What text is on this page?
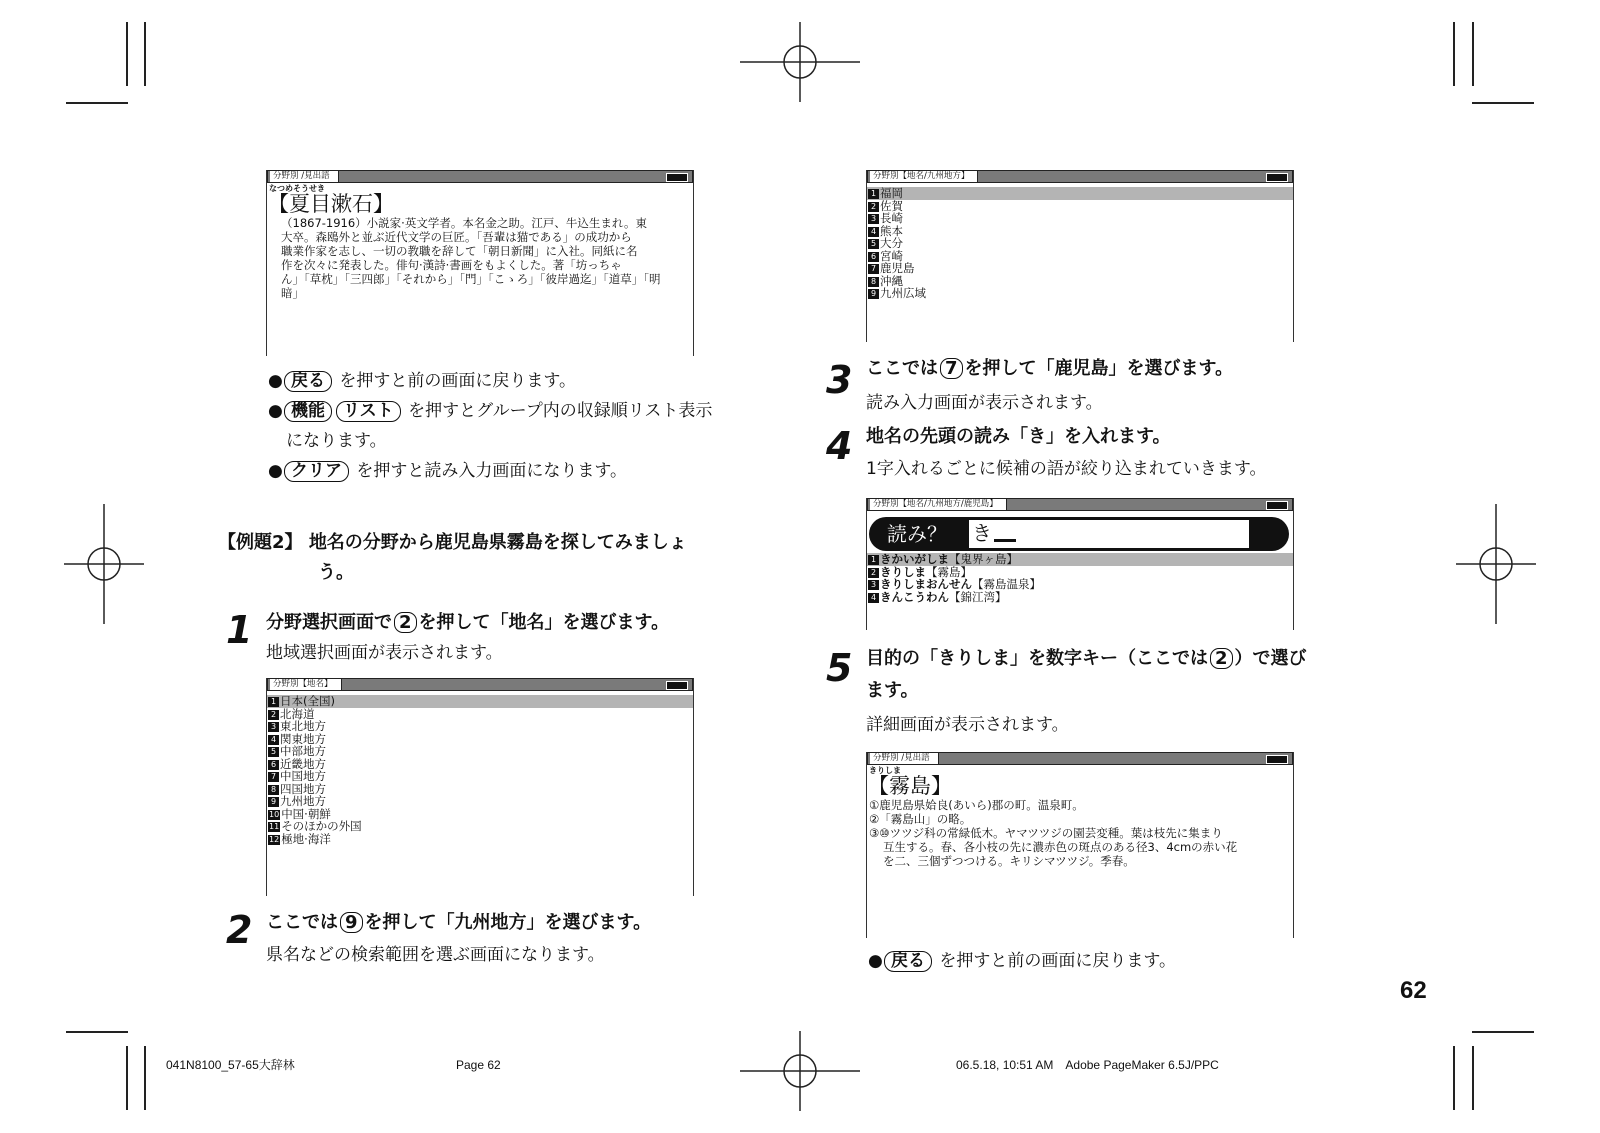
分野別 /見出語
なつめそうせき
【夏目漱石】
（1867-1916）小説家·英文学者。本名金之助。江戸、牛込生まれ。東
大卒。森鴎外と並ぶ近代文学の巨匠。「吾輩は猫である」の成功から
職業作家を志し、一切の教職を辞して「朝日新聞」に入社。同紙に名
作を次々に発表した。俳句·漢詩·書画をもよくした。著「坊っちゃ
ん」「草枕」「三四郎」「それから」「門」「こゝろ」「彼岸過迄」「道草」「明
暗」
● 戻る を押すと前の画面に戻ります。
● 機能 リスト を押すとグループ内の収録順リスト表示
になります。
● クリア を押すと読み入力画面になります。
【例題2】 地名の分野から鹿児島県霧島を探してみましょ
う。
1 分野選択画面で 2 を押して「地名」を選びます。
地域選択画面が表示されます。
分野別【地名】
1 日本(全国)
2 北海道
3 東北地方
4 関東地方
5 中部地方
6 近畿地方
7 中国地方
8 四国地方
9 九州地方
10 中国·朝鮮
11 そのほかの外国
12 極地·海洋
2 ここでは 9 を押して「九州地方」を選びます。
県名などの検索範囲を選ぶ画面になります。
分野別【地名/九州地方】
1 福岡
2 佐賀
3 長崎
4 熊本
5 大分
6 宮崎
7 鹿児島
8 沖縄
9 九州広域
3 ここでは 7 を押して「鹿児島」を選びます。
読み入力画面が表示されます。
4 地名の先頭の読み「き」を入れます。
1字入れるごとに候補の語が絞り込まれていきます。
分野別【地名/九州地方/鹿児島】
読み？ き
1 きかいがしま【鬼界ヶ島】
2 きりしま【霧島】
3 きりしまおんせん【霧島温泉】
4 きんこうわん【錦江湾】
5 目的の「きりしま」を数字キー（ここでは 2 ）で選び
ます。
詳細画面が表示されます。
分野別 /見出語
きりしま
【霧島】
①鹿児島県姶良(あいら)郡の町。温泉町。
②「霧島山」の略。
③⑩ツツジ科の常緑低木。ヤマツツジの園芸変種。葉は枝先に集まり
互生する。春、各小枝の先に濃赤色の斑点のある径3、4cmの赤い花
を二、三個ずつつける。キリシマツツジ。季春。
● 戻る を押すと前の画面に戻ります。
62
041N8100_57-65大辞林	Page 62	06.5.18, 10:51 AM　Adobe PageMaker 6.5J/PPC
